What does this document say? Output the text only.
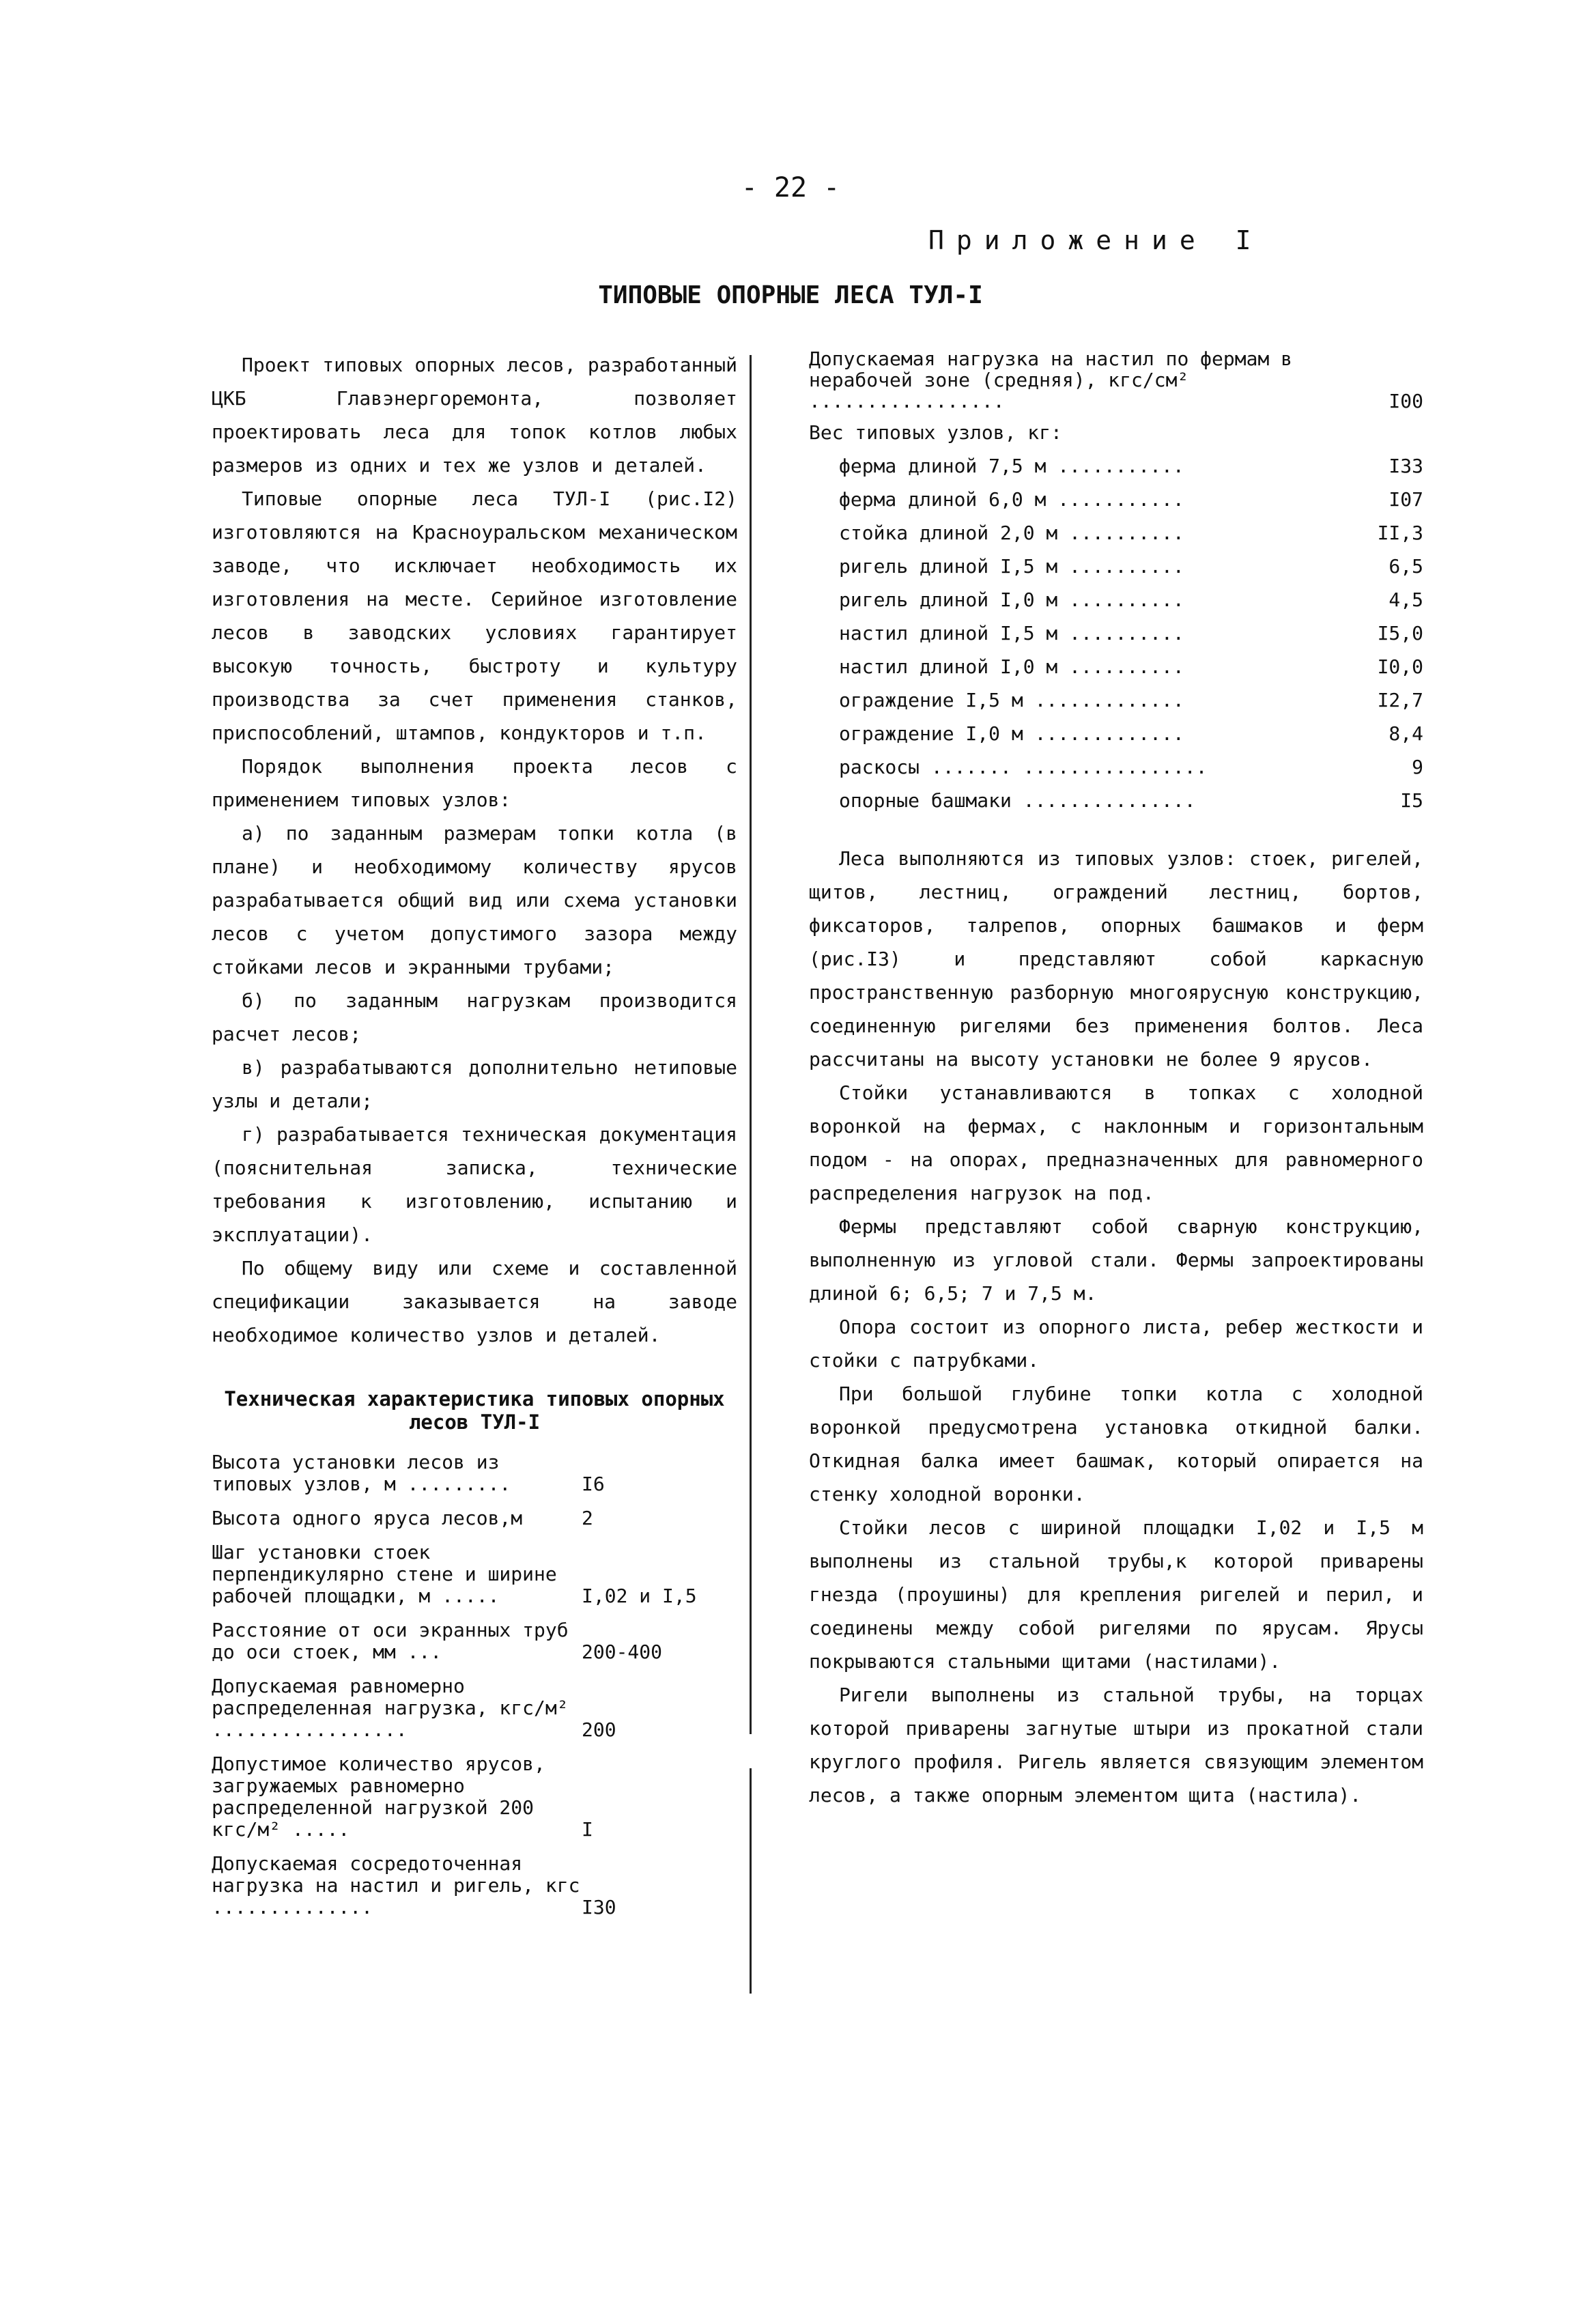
- 22 -
Приложение I
ТИПОВЫЕ ОПОРНЫЕ ЛЕСА ТУЛ-I

Проект типовых опорных лесов, разработанный ЦКБ Главэнергоремонта, позволяет проектировать леса для топок котлов любых размеров из одних и тех же узлов и деталей.

Типовые опорные леса ТУЛ-I (рис.I2) изготовляются на Красноуральском механическом заводе, что исключает необходимость их изготовления на месте. Серийное изготовление лесов в заводских условиях гарантирует высокую точность, быстроту и культуру производства за счет применения станков, приспособлений, штампов, кондукторов и т.п.

Порядок выполнения проекта лесов с применением типовых узлов:

а) по заданным размерам топки котла (в плане) и необходимому количеству ярусов разрабатывается общий вид или схема установки лесов с учетом допустимого зазора между стойками лесов и экранными трубами;

б) по заданным нагрузкам производится расчет лесов;

в) разрабатываются дополнительно нетиповые узлы и детали;

г) разрабатывается техническая документация (пояснительная записка, технические требования к изготовлению, испытанию и эксплуатации).

По общему виду или схеме и составленной спецификации заказывается на заводе необходимое количество узлов и деталей.

Техническая характеристика типовых опорных лесов ТУЛ-I
Высота установки лесов из типовых узлов, м .........	I6
Высота одного яруса лесов,м	2
Шаг установки стоек перпендикулярно стене и ширине рабочей площадки, м .....	I,02 и I,5
Расстояние от оси экранных труб до оси стоек, мм ...	200-400
Допускаемая равномерно распределенная нагрузка, кгс/м² .................	200
Допустимое количество ярусов, загружаемых равномерно распределенной нагрузкой 200 кгс/м² .....	I
Допускаемая сосредоточенная нагрузка на настил и ригель, кгс ..............	I30
Допускаемая нагрузка на настил по фермам в нерабочей зоне (средняя), кгс/см² .................	I00

Вес типовых узлов, кг:

ферма длиной 7,5 м ...........	I33
ферма длиной 6,0 м ...........	I07
стойка длиной 2,0 м ..........	II,3
ригель длиной I,5 м ..........	6,5
ригель длиной I,0 м ..........	4,5
настил длиной I,5 м ..........	I5,0
настил длиной I,0 м ..........	I0,0
ограждение I,5 м .............	I2,7
ограждение I,0 м .............	8,4
раскосы ....... ................	9
опорные башмаки ...............	I5

Леса выполняются из типовых узлов: стоек, ригелей, щитов, лестниц, ограждений лестниц, бортов, фиксаторов, талрепов, опорных башмаков и ферм (рис.I3) и представляют собой каркасную пространственную разборную многоярусную конструкцию, соединенную ригелями без применения болтов. Леса рассчитаны на высоту установки не более 9 ярусов.

Стойки устанавливаются в топках с холодной воронкой на фермах, с наклонным и горизонтальным подом - на опорах, предназначенных для равномерного распределения нагрузок на под.

Фермы представляют собой сварную конструкцию, выполненную из угловой стали. Фермы запроектированы длиной 6; 6,5; 7 и 7,5 м.

Опора состоит из опорного листа, ребер жесткости и стойки с патрубками.

При большой глубине топки котла с холодной воронкой предусмотрена установка откидной балки. Откидная балка имеет башмак, который опирается на стенку холодной воронки.

Стойки лесов с шириной площадки I,02 и I,5 м выполнены из стальной трубы,к которой приварены гнезда (проушины) для крепления ригелей и перил, и соединены между собой ригелями по ярусам. Ярусы покрываются стальными щитами (настилами).

Ригели выполнены из стальной трубы, на торцах которой приварены загнутые штыри из прокатной стали круглого профиля. Ригель является связующим элементом лесов, а также опорным элементом щита (настила).
